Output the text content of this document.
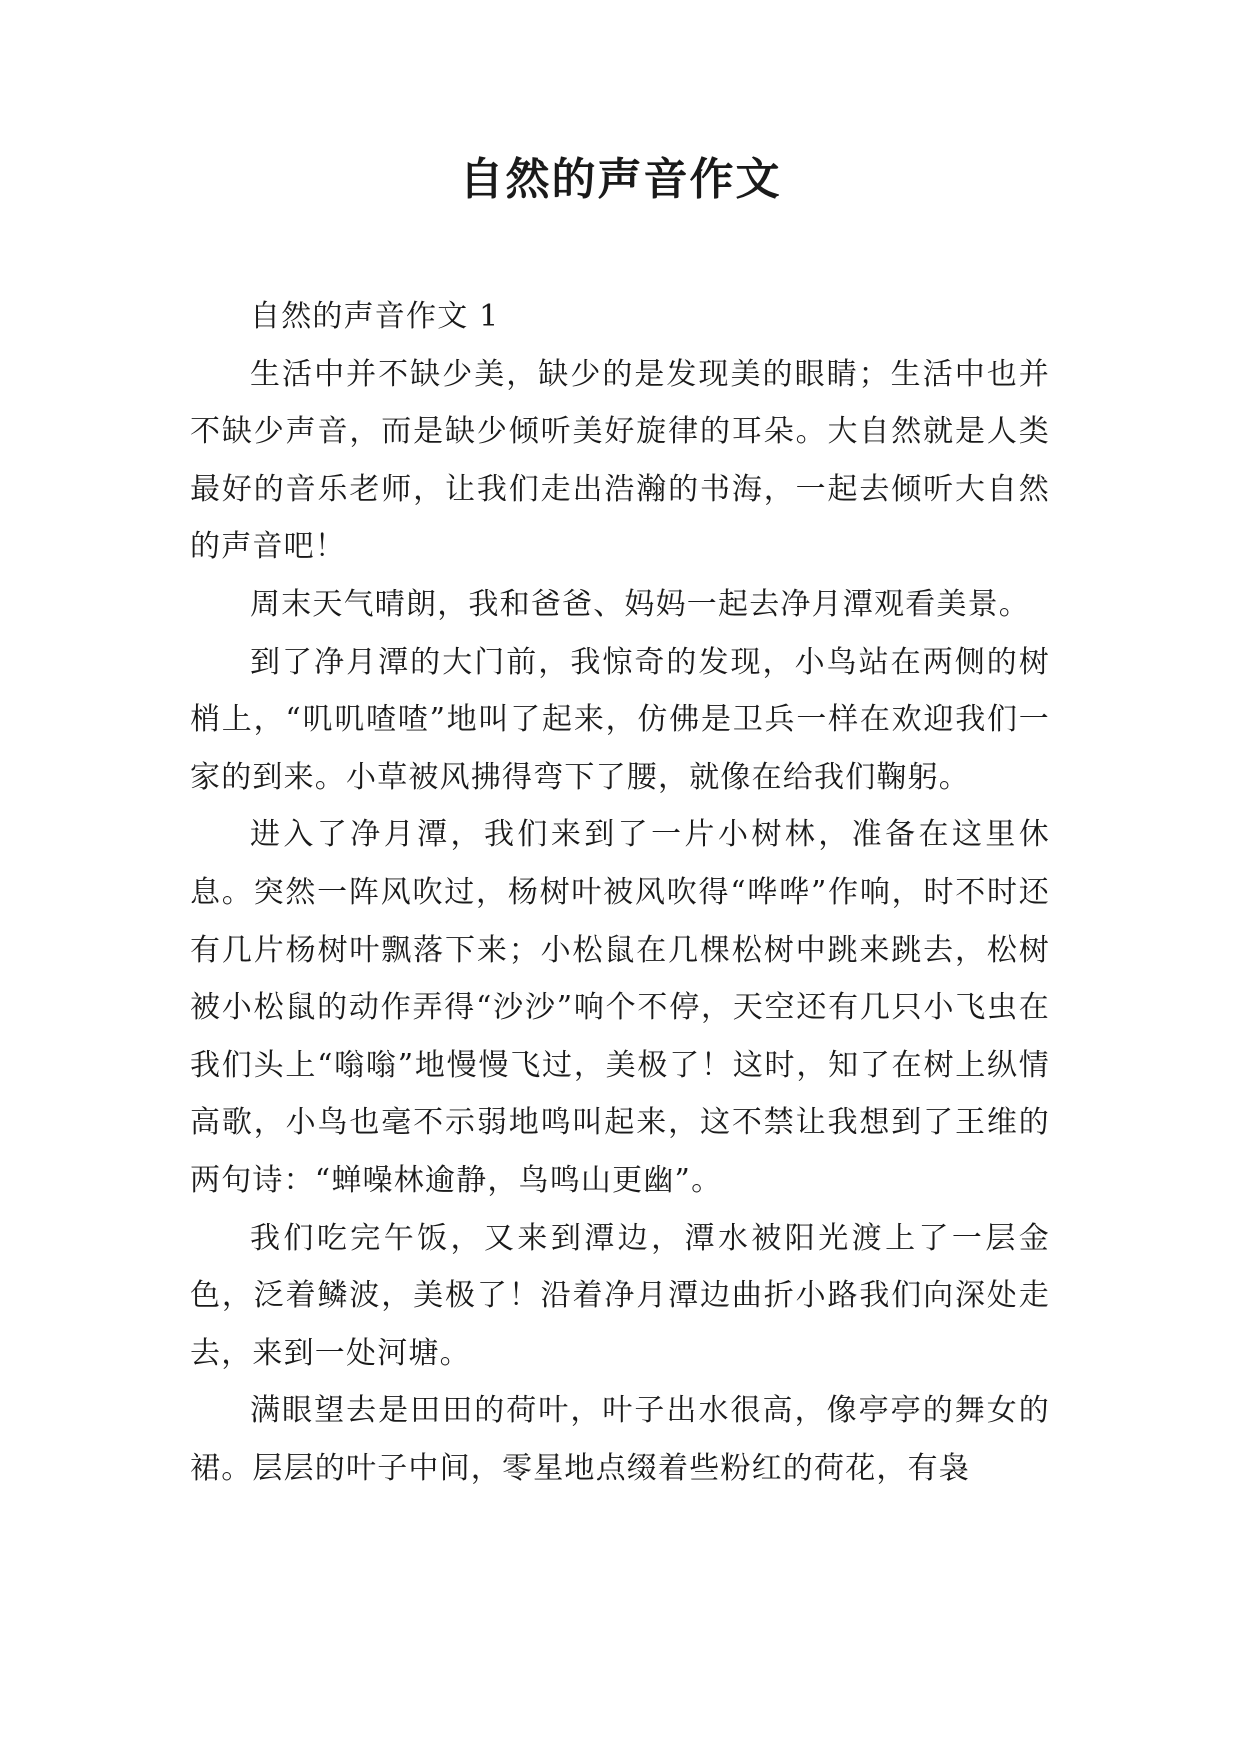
自然的声音作文

自然的声音作文 1

生活中并不缺少美，缺少的是发现美的眼睛；生活中也并不缺少声音，而是缺少倾听美好旋律的耳朵。大自然就是人类最好的音乐老师，让我们走出浩瀚的书海，一起去倾听大自然的声音吧！

周末天气晴朗，我和爸爸、妈妈一起去净月潭观看美景。

到了净月潭的大门前，我惊奇的发现，小鸟站在两侧的树梢上，“叽叽喳喳”地叫了起来，仿佛是卫兵一样在欢迎我们一家的到来。小草被风拂得弯下了腰，就像在给我们鞠躬。

进入了净月潭，我们来到了一片小树林，准备在这里休息。突然一阵风吹过，杨树叶被风吹得“哗哗”作响，时不时还有几片杨树叶飘落下来；小松鼠在几棵松树中跳来跳去，松树被小松鼠的动作弄得“沙沙”响个不停，天空还有几只小飞虫在我们头上“嗡嗡”地慢慢飞过，美极了！这时，知了在树上纵情高歌，小鸟也毫不示弱地鸣叫起来，这不禁让我想到了王维的两句诗：“蝉噪林逾静，鸟鸣山更幽”。

我们吃完午饭，又来到潭边，潭水被阳光渡上了一层金色，泛着鳞波，美极了！沿着净月潭边曲折小路我们向深处走去，来到一处河塘。

满眼望去是田田的荷叶，叶子出水很高，像亭亭的舞女的裙。层层的叶子中间，零星地点缀着些粉红的荷花，有袅
